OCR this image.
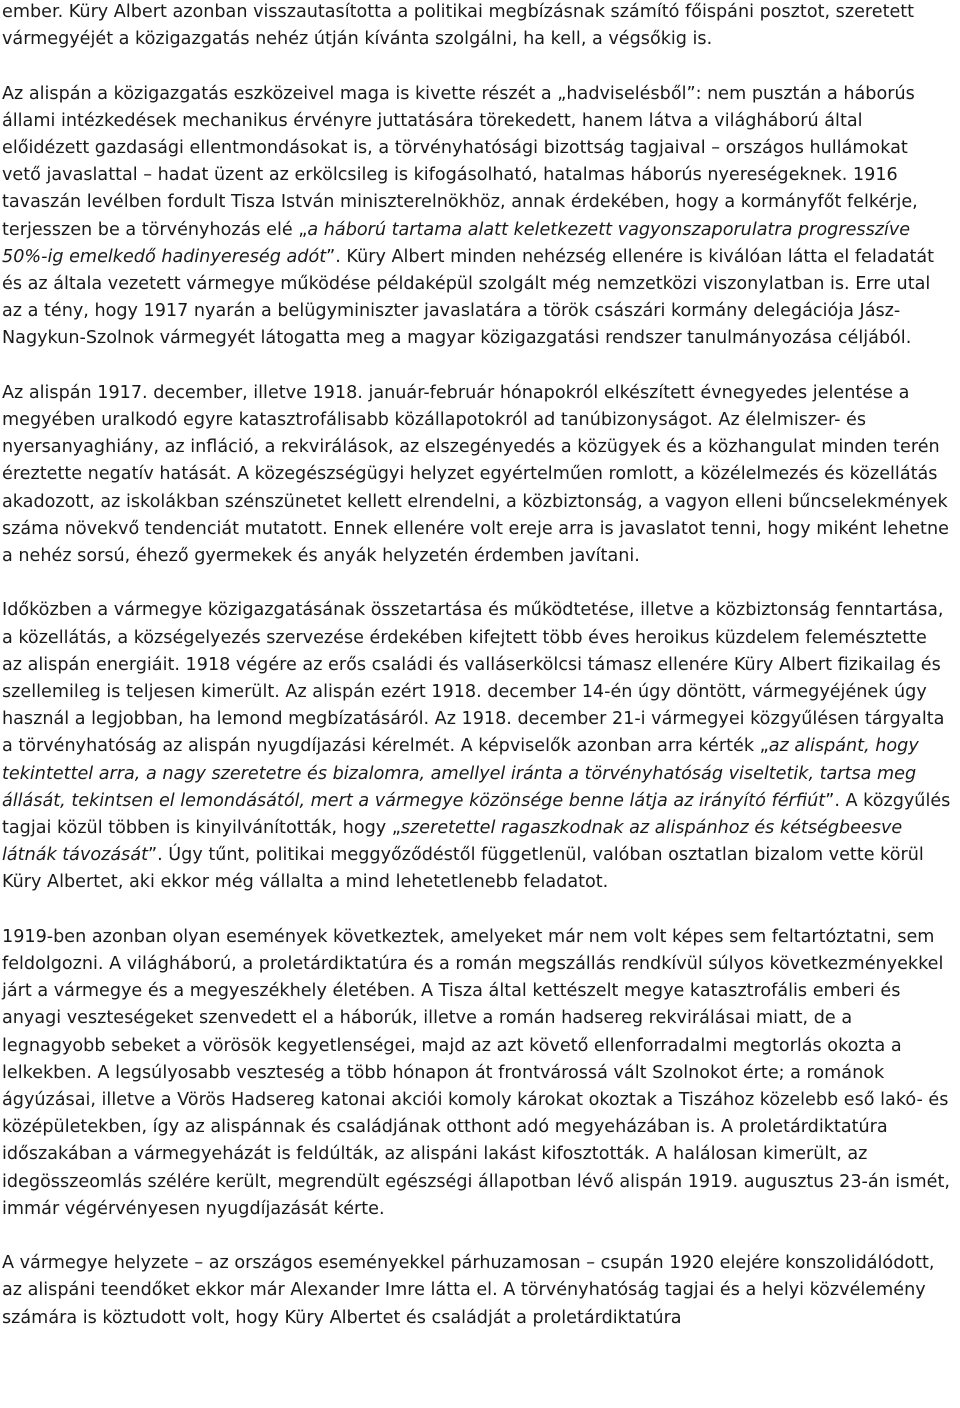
ember. Küry Albert azonban visszautasította a politikai megbízásnak számító főispáni posztot, szeretett vármegyéjét a közigazgatás nehéz útján kívánta szolgálni, ha kell, a végsőkig is.

Az alispán a közigazgatás eszközeivel maga is kivette részét a „hadviselésből”: nem pusztán a háborús állami intézkedések mechanikus érvényre juttatására törekedett, hanem látva a világháború által előidézett gazdasági ellentmondásokat is, a törvényhatósági bizottság tagjaival – országos hullámokat vető javaslattal – hadat üzent az erkölcsileg is kifogásolható, hatalmas háborús nyereségeknek. 1916 tavaszán levélben fordult Tisza István miniszterelnökhöz, annak érdekében, hogy a kormányfőt felkérje, terjesszen be a törvényhozás elé „a háború tartama alatt keletkezett vagyonszaporulatra progresszíve 50%-ig emelkedő hadinyereség adót”. Küry Albert minden nehézség ellenére is kiválóan látta el feladatát és az általa vezetett vármegye működése példaképül szolgált még nemzetközi viszonylatban is. Erre utal az a tény, hogy 1917 nyarán a belügyminiszter javaslatára a török császári kormány delegációja Jász-Nagykun-Szolnok vármegyét látogatta meg a magyar közigazgatási rendszer tanulmányozása céljából.

Az alispán 1917. december, illetve 1918. január-február hónapokról elkészített évnegyedes jelentése a megyében uralkodó egyre katasztrofálisabb közállapotokról ad tanúbizonyságot. Az élelmiszer- és nyersanyaghiány, az infláció, a rekvirálások, az elszegényedés a közügyek és a közhangulat minden terén éreztette negatív hatását. A közegészségügyi helyzet egyértelműen romlott, a közélelmezés és közellátás akadozott, az iskolákban szénszünetet kellett elrendelni, a közbiztonság, a vagyon elleni bűncselekmények száma növekvő tendenciát mutatott. Ennek ellenére volt ereje arra is javaslatot tenni, hogy miként lehetne a nehéz sorsú, éhező gyermekek és anyák helyzetén érdemben javítani.

Időközben a vármegye közigazgatásának összetartása és működtetése, illetve a közbiztonság fenntartása, a közellátás, a községelyezés szervezése érdekében kifejtett több éves heroikus küzdelem felemésztette az alispán energiáit. 1918 végére az erős családi és valláserkölcsi támasz ellenére Küry Albert fizikailag és szellemileg is teljesen kimerült. Az alispán ezért 1918. december 14-én úgy döntött, vármegyéjének úgy használ a legjobban, ha lemond megbízatásáról. Az 1918. december 21-i vármegyei közgyűlésen tárgyalta a törvényhatóság az alispán nyugdíjazási kérelmét. A képviselők azonban arra kérték „az alispánt, hogy tekintettel arra, a nagy szeretetre és bizalomra, amellyel iránta a törvényhatóság viseltetik, tartsa meg állását, tekintsen el lemondásától, mert a vármegye közönsége benne látja az irányító férfiút”. A közgyűlés tagjai közül többen is kinyilvánították, hogy „szeretettel ragaszkodnak az alispánhoz és kétségbeesve látnák távozását”. Úgy tűnt, politikai meggyőződéstől függetlenül, valóban osztatlan bizalom vette körül Küry Albertet, aki ekkor még vállalta a mind lehetetlenebb feladatot.

1919-ben azonban olyan események következtek, amelyeket már nem volt képes sem feltartóztatni, sem feldolgozni. A világháború, a proletárdiktatúra és a román megszállás rendkívül súlyos következményekkel járt a vármegye és a megyeszékhely életében. A Tisza által kettészelt megye katasztrofális emberi és anyagi veszteségeket szenvedett el a háborúk, illetve a román hadsereg rekvirálásai miatt, de a legnagyobb sebeket a vörösök kegyetlenségei, majd az azt követő ellenforradalmi megtorlás okozta a lelkekben. A legsúlyosabb veszteség a több hónapon át frontvárossá vált Szolnokot érte; a románok ágyúzásai, illetve a Vörös Hadsereg katonai akciói komoly károkat okoztak a Tiszához közelebb eső lakó- és középületekben, így az alispánnak és családjának otthont adó megyeházában is. A proletárdiktatúra időszakában a vármegyeházát is feldúlták, az alispáni lakást kifosztották. A halálosan kimerült, az idegösszeomlás szélére került, megrendült egészségi állapotban lévő alispán 1919. augusztus 23-án ismét, immár végérvényesen nyugdíjazását kérte.

A vármegye helyzete – az országos eseményekkel párhuzamosan – csupán 1920 elejére konszolidálódott, az alispáni teendőket ekkor már Alexander Imre látta el. A törvényhatóság tagjai és a helyi közvélemény számára is köztudott volt, hogy Küry Albertet és családját a proletárdiktatúra
